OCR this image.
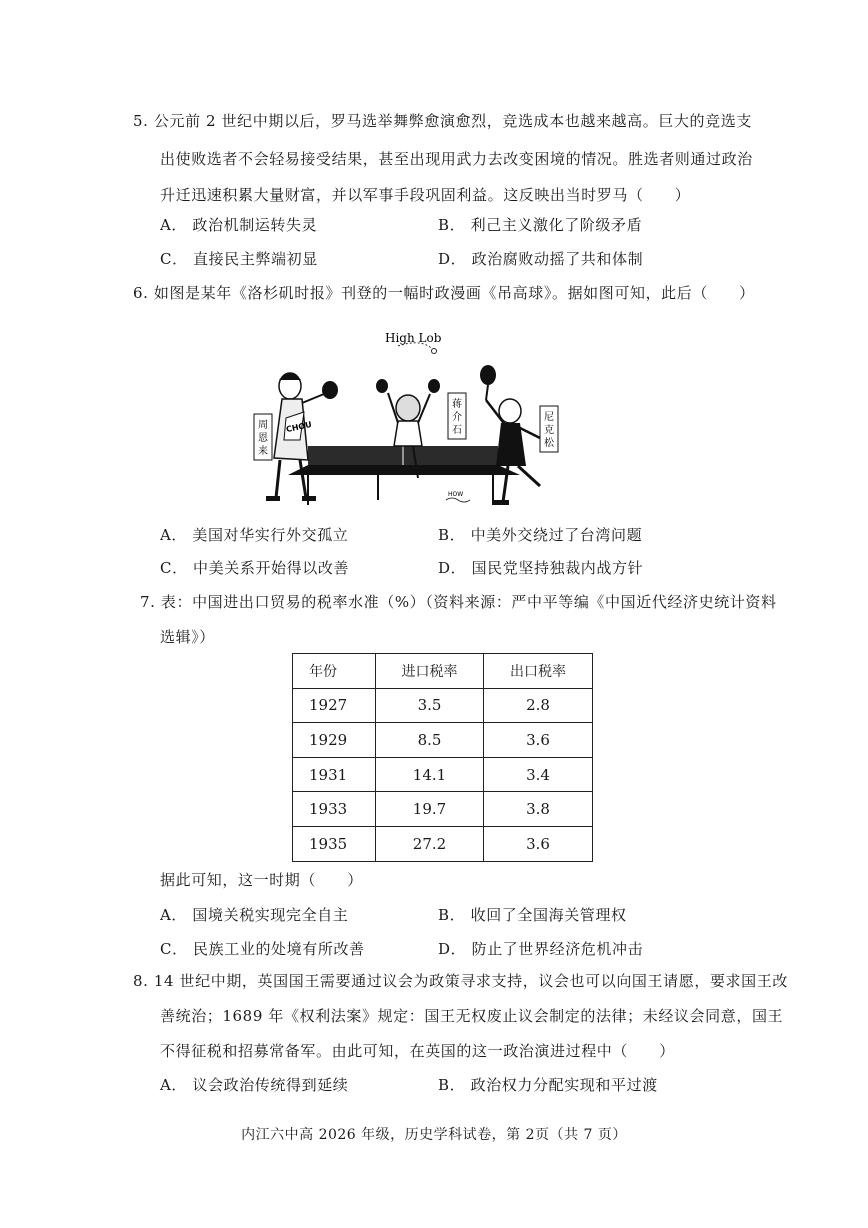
5. 公元前 2 世纪中期以后，罗马选举舞弊愈演愈烈，竞选成本也越来越高。巨大的竞选支
出使败选者不会轻易接受结果，甚至出现用武力去改变困境的情况。胜选者则通过政治
升迁迅速积累大量财富，并以军事手段巩固利益。这反映出当时罗马（　　）
A． 政治机制运转失灵	B． 利己主义激化了阶级矛盾
C． 直接民主弊端初显	D． 政治腐败动摇了共和体制
6. 如图是某年《洛杉矶时报》刊登的一幅时政漫画《吊高球》。据如图可知，此后（　　）
High Lob
CHOU
周
恩
来
蒋
介
石
尼
克
松
HOW
A． 美国对华实行外交孤立	B． 中美外交绕过了台湾问题
C． 中美关系开始得以改善	D． 国民党坚持独裁内战方针
7. 表：中国进出口贸易的税率水准（%）（资料来源：严中平等编《中国近代经济史统计资料
选辑》）
年份	进口税率	出口税率
1927	3.5	2.8
1929	8.5	3.6
1931	14.1	3.4
1933	19.7	3.8
1935	27.2	3.6
据此可知，这一时期（　　）
A． 国境关税实现完全自主	B． 收回了全国海关管理权
C． 民族工业的处境有所改善	D． 防止了世界经济危机冲击
8. 14 世纪中期，英国国王需要通过议会为政策寻求支持，议会也可以向国王请愿，要求国王改
善统治；1689 年《权利法案》规定：国王无权废止议会制定的法律；未经议会同意，国王
不得征税和招募常备军。由此可知，在英国的这一政治演进过程中（　　）
A． 议会政治传统得到延续	B． 政治权力分配实现和平过渡
内江六中高 2026 年级，历史学科试卷，第 2页（共 7 页）
